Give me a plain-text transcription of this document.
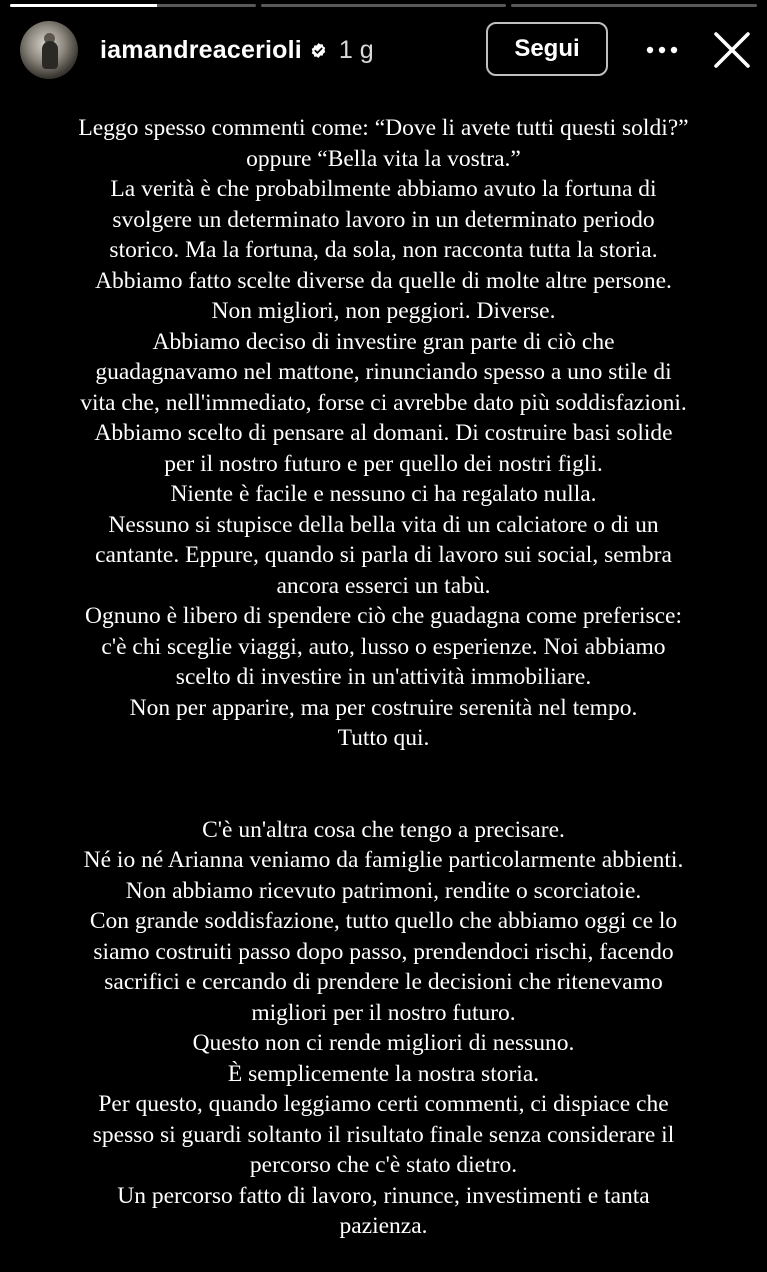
iamandreacerioli 1 g	Segui
Leggo spesso commenti come: “Dove li avete tutti questi soldi?”
oppure “Bella vita la vostra.”
La verità è che probabilmente abbiamo avuto la fortuna di
svolgere un determinato lavoro in un determinato periodo
storico. Ma la fortuna, da sola, non racconta tutta la storia.
Abbiamo fatto scelte diverse da quelle di molte altre persone.
Non migliori, non peggiori. Diverse.
Abbiamo deciso di investire gran parte di ciò che
guadagnavamo nel mattone, rinunciando spesso a uno stile di
vita che, nell'immediato, forse ci avrebbe dato più soddisfazioni.
Abbiamo scelto di pensare al domani. Di costruire basi solide
per il nostro futuro e per quello dei nostri figli.
Niente è facile e nessuno ci ha regalato nulla.
Nessuno si stupisce della bella vita di un calciatore o di un
cantante. Eppure, quando si parla di lavoro sui social, sembra
ancora esserci un tabù.
Ognuno è libero di spendere ciò che guadagna come preferisce:
c'è chi sceglie viaggi, auto, lusso o esperienze. Noi abbiamo
scelto di investire in un'attività immobiliare.
Non per apparire, ma per costruire serenità nel tempo.
Tutto qui.
C'è un'altra cosa che tengo a precisare.
Né io né Arianna veniamo da famiglie particolarmente abbienti.
Non abbiamo ricevuto patrimoni, rendite o scorciatoie.
Con grande soddisfazione, tutto quello che abbiamo oggi ce lo
siamo costruiti passo dopo passo, prendendoci rischi, facendo
sacrifici e cercando di prendere le decisioni che ritenevamo
migliori per il nostro futuro.
Questo non ci rende migliori di nessuno.
È semplicemente la nostra storia.
Per questo, quando leggiamo certi commenti, ci dispiace che
spesso si guardi soltanto il risultato finale senza considerare il
percorso che c'è stato dietro.
Un percorso fatto di lavoro, rinunce, investimenti e tanta
pazienza.
